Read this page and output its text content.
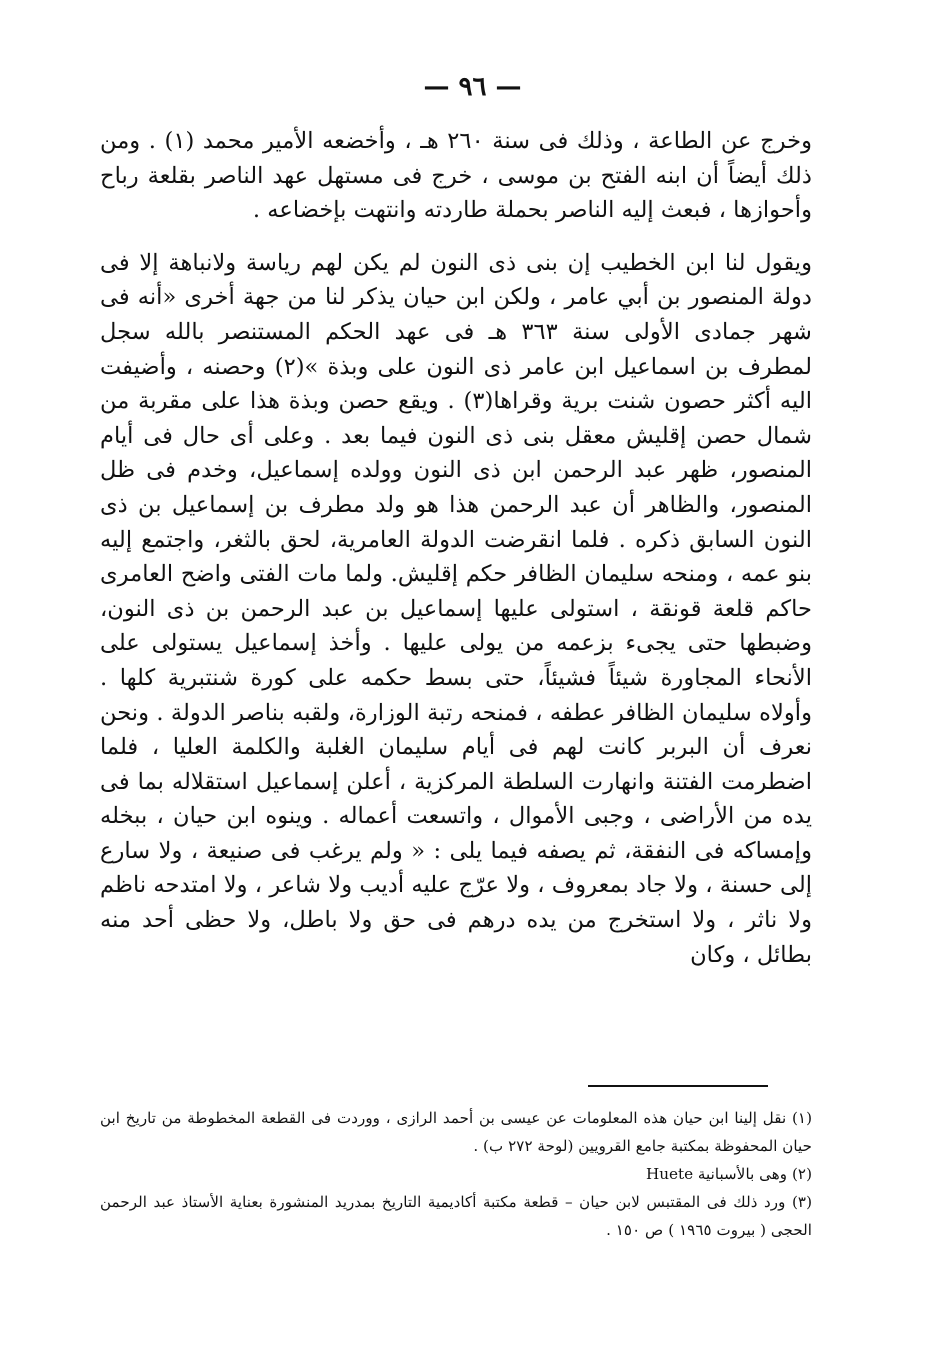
— ٩٦ —

وخرج عن الطاعة ، وذلك فى سنة ٢٦٠ هـ ، وأخضعه الأمير محمد (١) . ومن ذلك أيضاً أن ابنه الفتح بن موسى ، خرج فى مستهل عهد الناصر بقلعة رباح وأحوازها ، فبعث إليه الناصر بحملة طاردته وانتهت بإخضاعه .

ويقول لنا ابن الخطيب إن بنى ذى النون لم يكن لهم رياسة ولانباهة إلا فى دولة المنصور بن أبي عامر ، ولكن ابن حيان يذكر لنا من جهة أخرى «أنه فى شهر جمادى الأولى سنة ٣٦٣ هـ فى عهد الحكم المستنصر بالله سجل لمطرف بن اسماعيل ابن عامر ذى النون على وبذة »(٢) وحصنه ، وأضيفت اليه أكثر حصون شنت برية وقراها(٣) . ويقع حصن وبذة هذا على مقربة من شمال حصن إقليش معقل بنى ذى النون فيما بعد . وعلى أى حال فى أيام المنصور، ظهر عبد الرحمن ابن ذى النون وولده إسماعيل، وخدم فى ظل المنصور، والظاهر أن عبد الرحمن هذا هو ولد مطرف بن إسماعيل بن ذى النون السابق ذكره . فلما انقرضت الدولة العامرية، لحق بالثغر، واجتمع إليه بنو عمه ، ومنحه سليمان الظافر حكم إقليش. ولما مات الفتى واضح العامرى حاكم قلعة قونقة ، استولى عليها إسماعيل بن عبد الرحمن بن ذى النون، وضبطها حتى يجىء بزعمه من يولى عليها . وأخذ إسماعيل يستولى على الأنحاء المجاورة شيئاً فشيئاً، حتى بسط حكمه على كورة شنتبرية كلها . وأولاه سليمان الظافر عطفه ، فمنحه رتبة الوزارة، ولقبه بناصر الدولة . ونحن نعرف أن البربر كانت لهم فى أيام سليمان الغلبة والكلمة العليا ، فلما اضطرمت الفتنة وانهارت السلطة المركزية ، أعلن إسماعيل استقلاله بما فى يده من الأراضى ، وجبى الأموال ، واتسعت أعماله . وينوه ابن حيان ، ببخله وإمساكه فى النفقة، ثم يصفه فيما يلى : « ولم يرغب فى صنيعة ، ولا سارع إلى حسنة ، ولا جاد بمعروف ، ولا عرّج عليه أديب ولا شاعر ، ولا امتدحه ناظم ولا ناثر ، ولا استخرج من يده درهم فى حق ولا باطل، ولا حظى أحد منه بطائل ، وكان

(١) نقل إلينا ابن حيان هذه المعلومات عن عيسى بن أحمد الرازى ، ووردت فى القطعة المخطوطة من تاريخ ابن حيان المحفوظة بمكتبة جامع القرويين (لوحة ٢٧٢ ب) .

(٢) وهى بالأسبانية Huete

(٣) ورد ذلك فى المقتبس لابن حيان – قطعة مكتبة أكاديمية التاريخ بمدريد المنشورة بعناية الأستاذ عبد الرحمن الحجى ( بيروت ١٩٦٥ ) ص ١٥٠ .
